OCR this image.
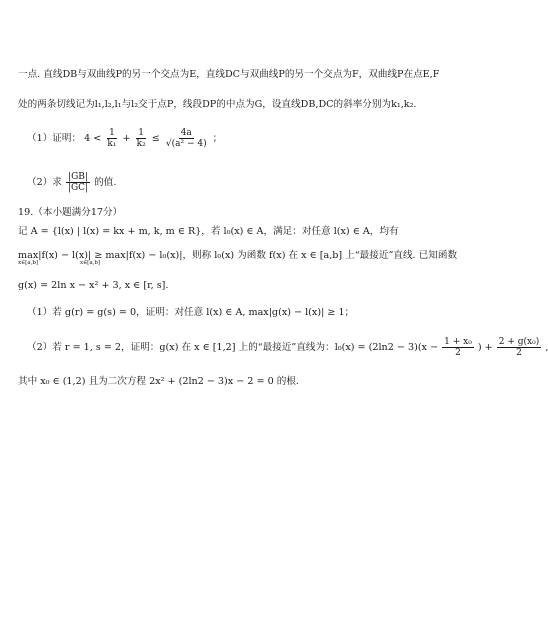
一点. 直线DB与双曲线P的另一个交点为E，直线DC与双曲线P的另一个交点为F，双曲线P在点E,F
处的两条切线记为l₁,l₂,l₁与l₂交于点P，线段DP的中点为G，设直线DB,DC的斜率分别为k₁,k₂.
（1）证明： $4 < \frac{1}{\text{k₁}} + \frac{1}{\text{k₂}} \le \frac{4a}{\text{√(a² − 4)}}$ ；
（2）求 $\frac{|GB|}{|GC|}$ 的值.
19.（本小题满分17分）
记 A = {l(x) | l(x) = kx + m, k, m ∈ R}，若 l₀(x) ∈ A，满足：对任意 l(x) ∈ A，均有
max|f(x) − l(x)| ≥ max|f(x) − l₀(x)|，则称 l₀(x) 为函数 f(x) 在 x ∈ [a,b] 上“最接近”直线. 已知函数
x∈[a,b]	x∈[a,b]
g(x) = 2ln x − x² + 3, x ∈ [r, s].
（1）若 g(r) = g(s) = 0，证明：对任意 l(x) ∈ A, max|g(x) − l(x)| ≥ 1；
（2）若 r = 1, s = 2，证明：g(x) 在 x ∈ [1,2] 上的“最接近”直线为：$l_0(x) = (2\ln 2 - 3)(x - \frac{\text{1 + x₀}}{2}$ ) + $\frac{\text{2 + g(x₀)}}{2}$
其中 x₀ ∈ (1,2) 且为二次方程 2x² + (2ln2 − 3)x − 2 = 0 的根.
